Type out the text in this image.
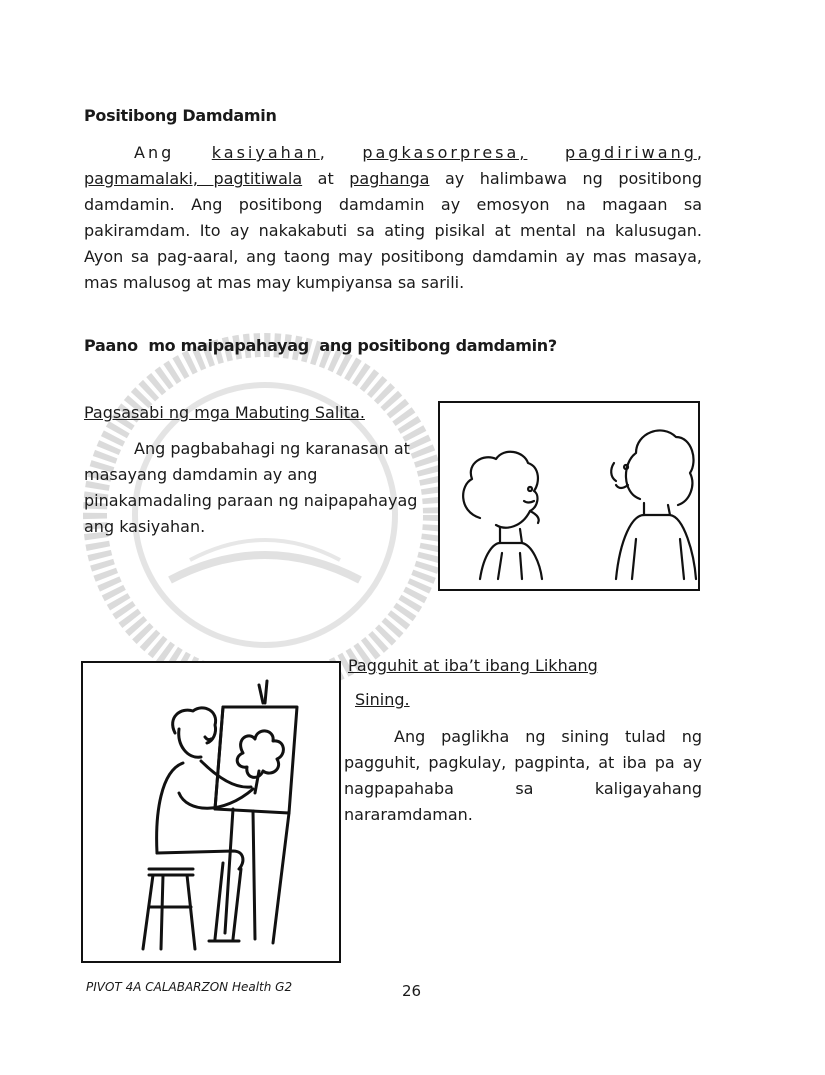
Positibong Damdamin
Ang kasiyahan, pagkasorpresa, pagdiriwang,
pagmamalaki, pagtitiwala at paghanga ay halimbawa ng positibong damdamin. Ang positibong damdamin ay emosyon na magaan sa pakiramdam. Ito ay nakakabuti sa ating pisikal at mental na kalusugan. Ayon sa pag-aaral, ang taong may positibong damdamin ay mas masaya, mas malusog at mas may kumpiyansa sa sarili.
Paano  mo maipapahayag  ang positibong damdamin?
Pagsasabi ng mga Mabuting Salita.
Ang pagbabahagi ng karanasan at masayang damdamin ay ang pinakamadaling paraan ng naipapahayag ang kasiyahan.
Pagguhit at iba’t ibang Likhang
Sining.
Ang paglikha ng sining tulad ng pagguhit, pagkulay, pagpinta, at iba pa ay nagpapahaba sa kaligayahang nararamdaman.
PIVOT 4A CALABARZON Health G2	26
